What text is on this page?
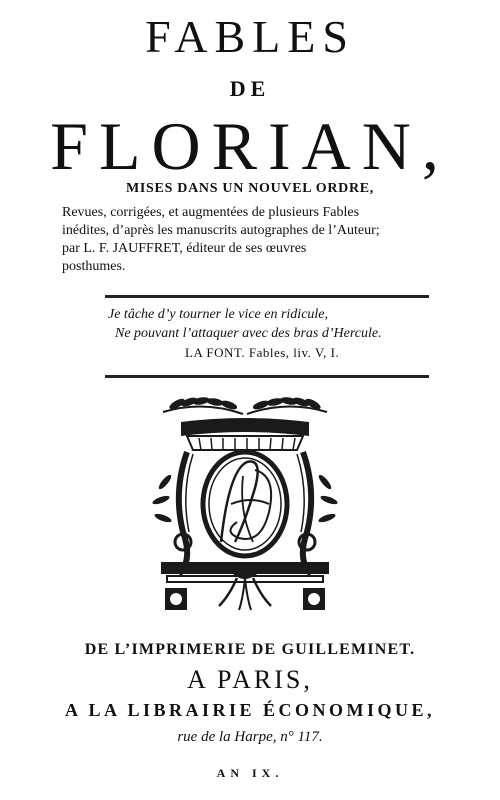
FABLES
DE
FLORIAN,
MISES DANS UN NOUVEL ORDRE,
Revues, corrigées, et augmentées de plusieurs Fables
inédites, d’après les manuscrits autographes de l’Auteur;
par L. F. JAUFFRET, éditeur de ses œuvres
posthumes.
Je tâche d’y tourner le vice en ridicule,
Ne pouvant l’attaquer avec des bras d’Hercule.
LA FONT. Fables, liv. V, I.
DE L’IMPRIMERIE DE GUILLEMINET.
A PARIS,
A LA LIBRAIRIE ÉCONOMIQUE,
rue de la Harpe, n° 117.
AN IX.
